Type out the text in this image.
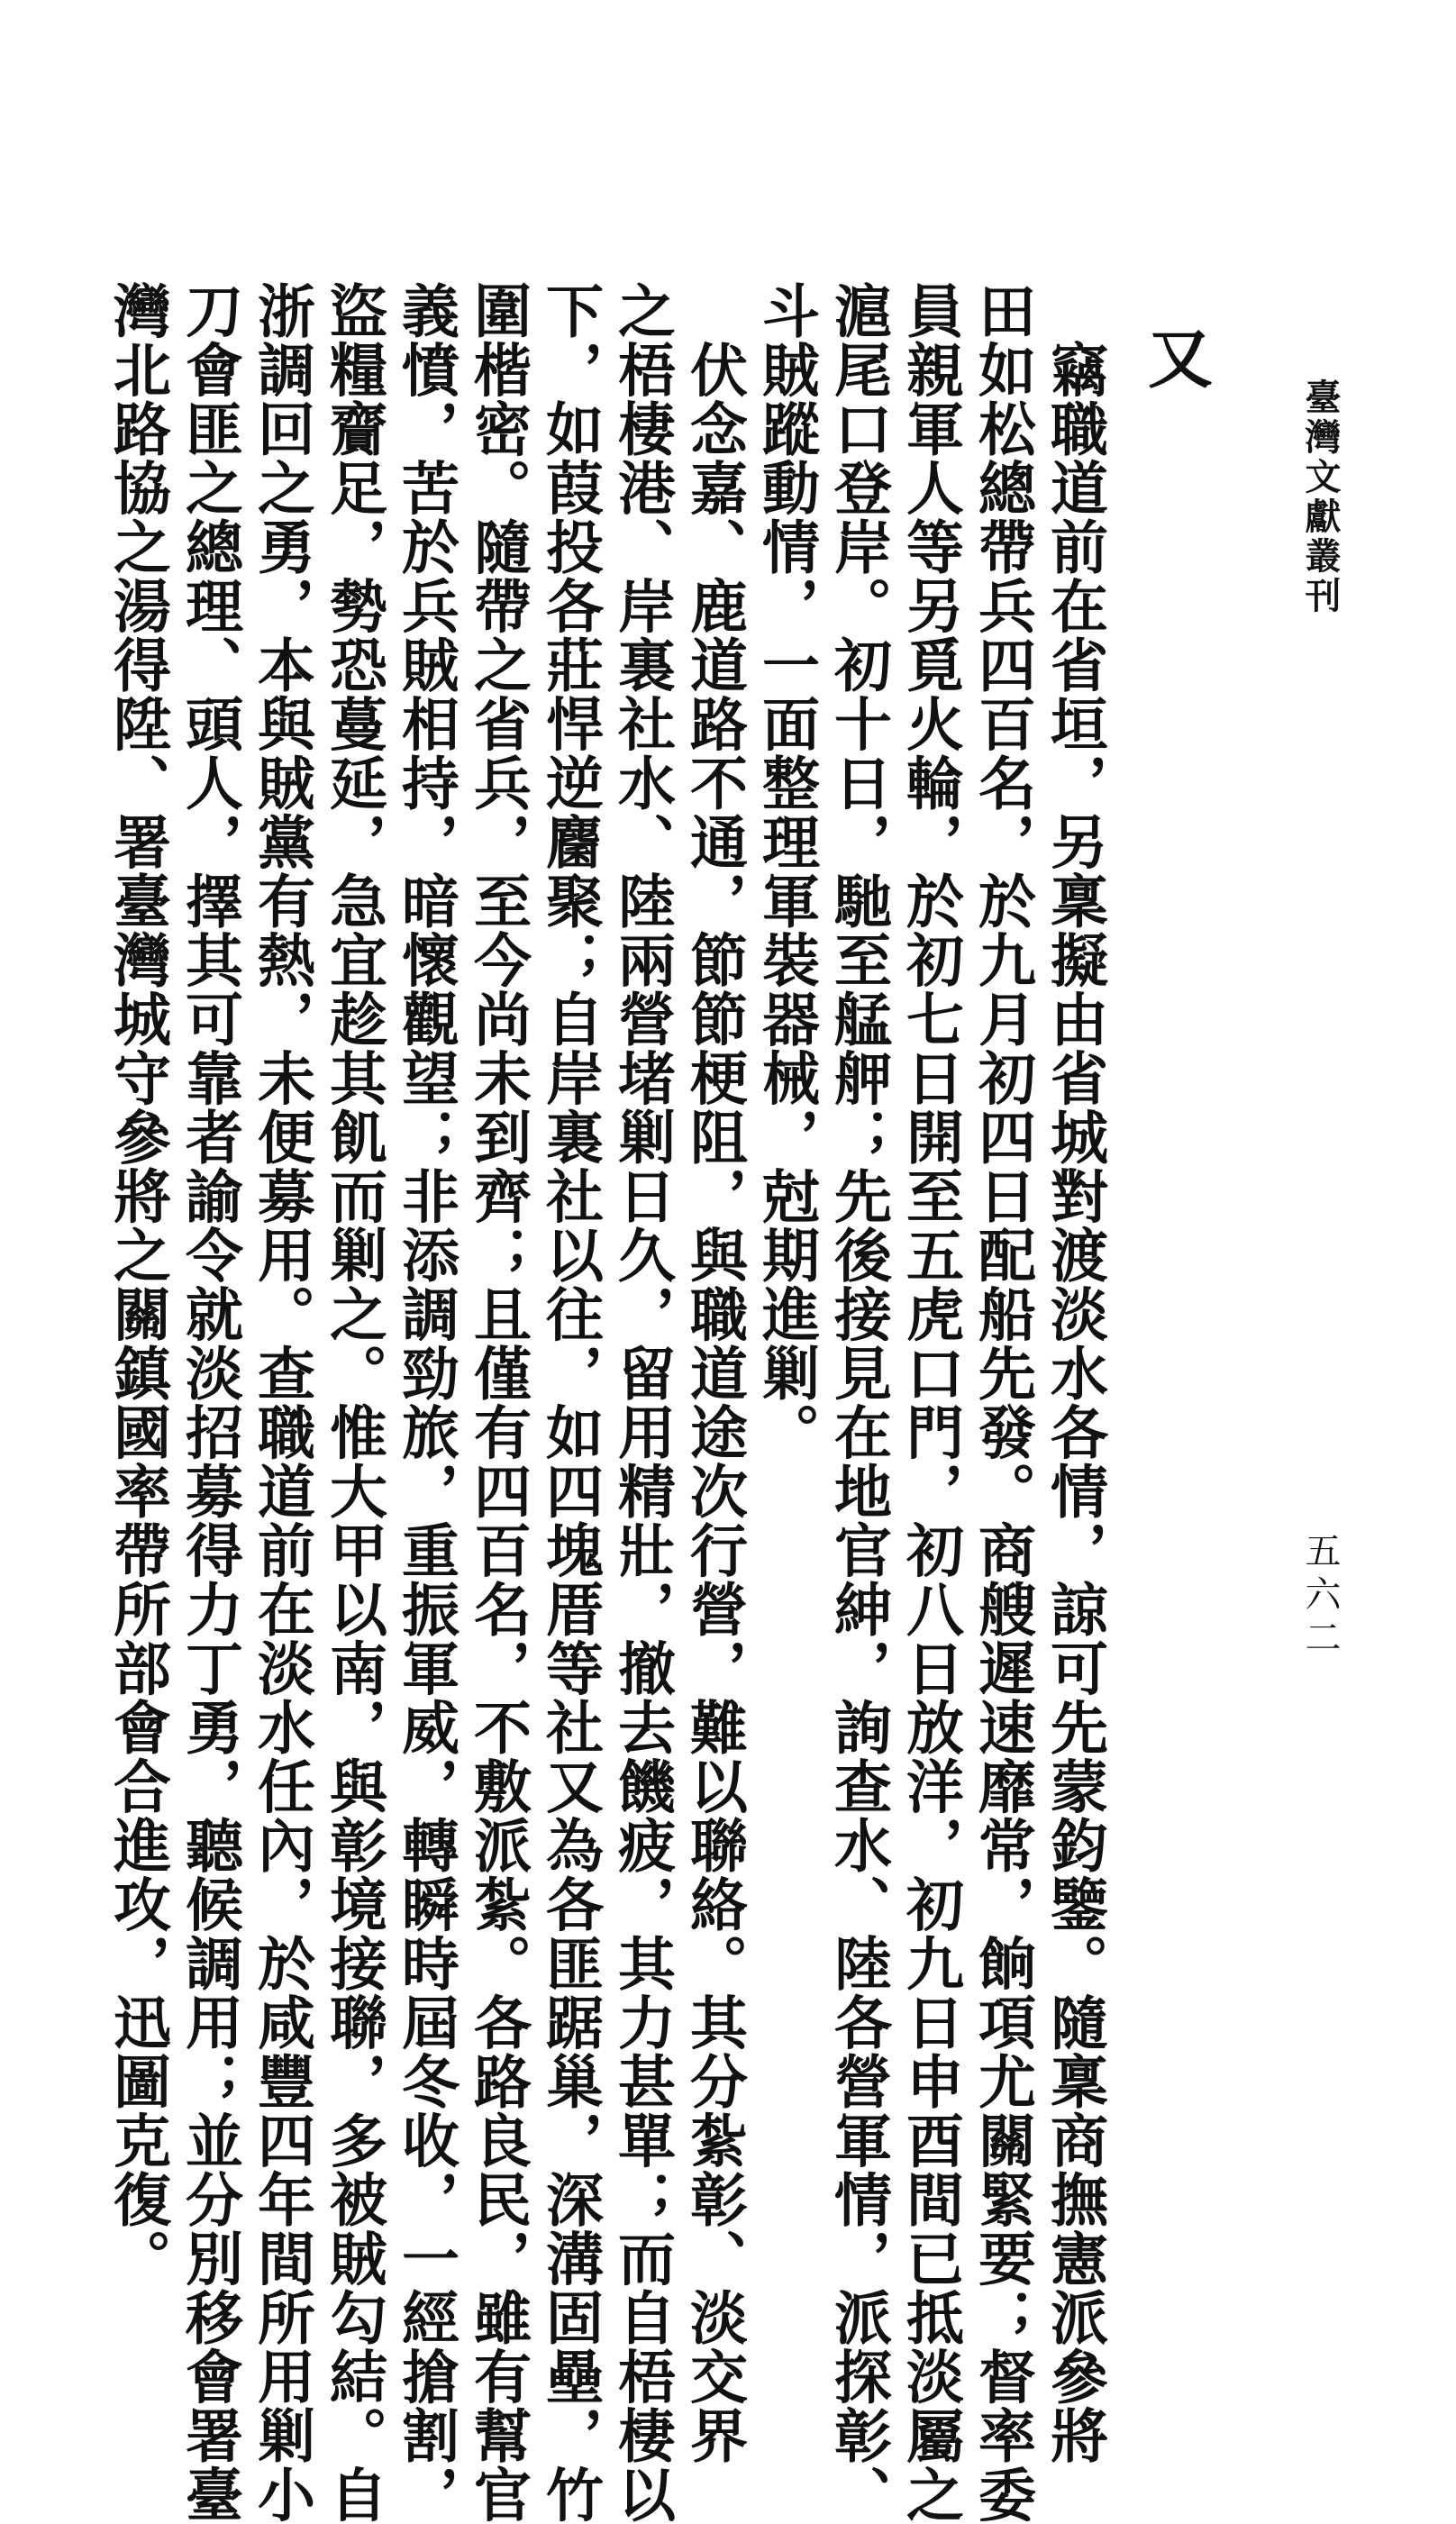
臺灣文獻叢刊
五六二
又
　竊職道前在省垣，另稟擬由省城對渡淡水各情，諒可先蒙鈞鑒。隨稟商撫憲派參將
田如松總帶兵四百名，於九月初四日配船先發。商艘遲速靡常，餉項尤關緊要；督率委
員親軍人等另覓火輪，於初七日開至五虎口門，初八日放洋，初九日申酉間已抵淡屬之
滬尾口登岸。初十日，馳至艋舺；先後接見在地官紳，詢查水、陸各營軍情，派探彰、
斗賊蹤動情，一面整理軍裝器械，尅期進剿。
　伏念嘉、鹿道路不通，節節梗阻，與職道途次行營，難以聯絡。其分紮彰、淡交界
之梧棲港、岸裏社水、陸兩營堵剿日久，留用精壯，撤去饑疲，其力甚單；而自梧棲以
下，如葭投各莊悍逆麕聚；自岸裏社以往，如四塊厝等社又為各匪踞巢，深溝固壘，竹
圍楷密。隨帶之省兵，至今尚未到齊；且僅有四百名，不敷派紮。各路良民，雖有幫官
義憤，苦於兵賊相持，暗懷觀望；非添調勁旅，重振軍威，轉瞬時屆冬收，一經搶割，
盜糧齎足，勢恐蔓延，急宜趁其飢而剿之。惟大甲以南，與彰境接聯，多被賊勾結。自
浙調回之勇，本與賊黨有熱，未便募用。查職道前在淡水任內，於咸豐四年間所用剿小
刀會匪之總理、頭人，擇其可靠者諭令就淡招募得力丁勇，聽候調用；並分別移會署臺
灣北路協之湯得陞、署臺灣城守參將之關鎮國率帶所部會合進攻，迅圖克復。
